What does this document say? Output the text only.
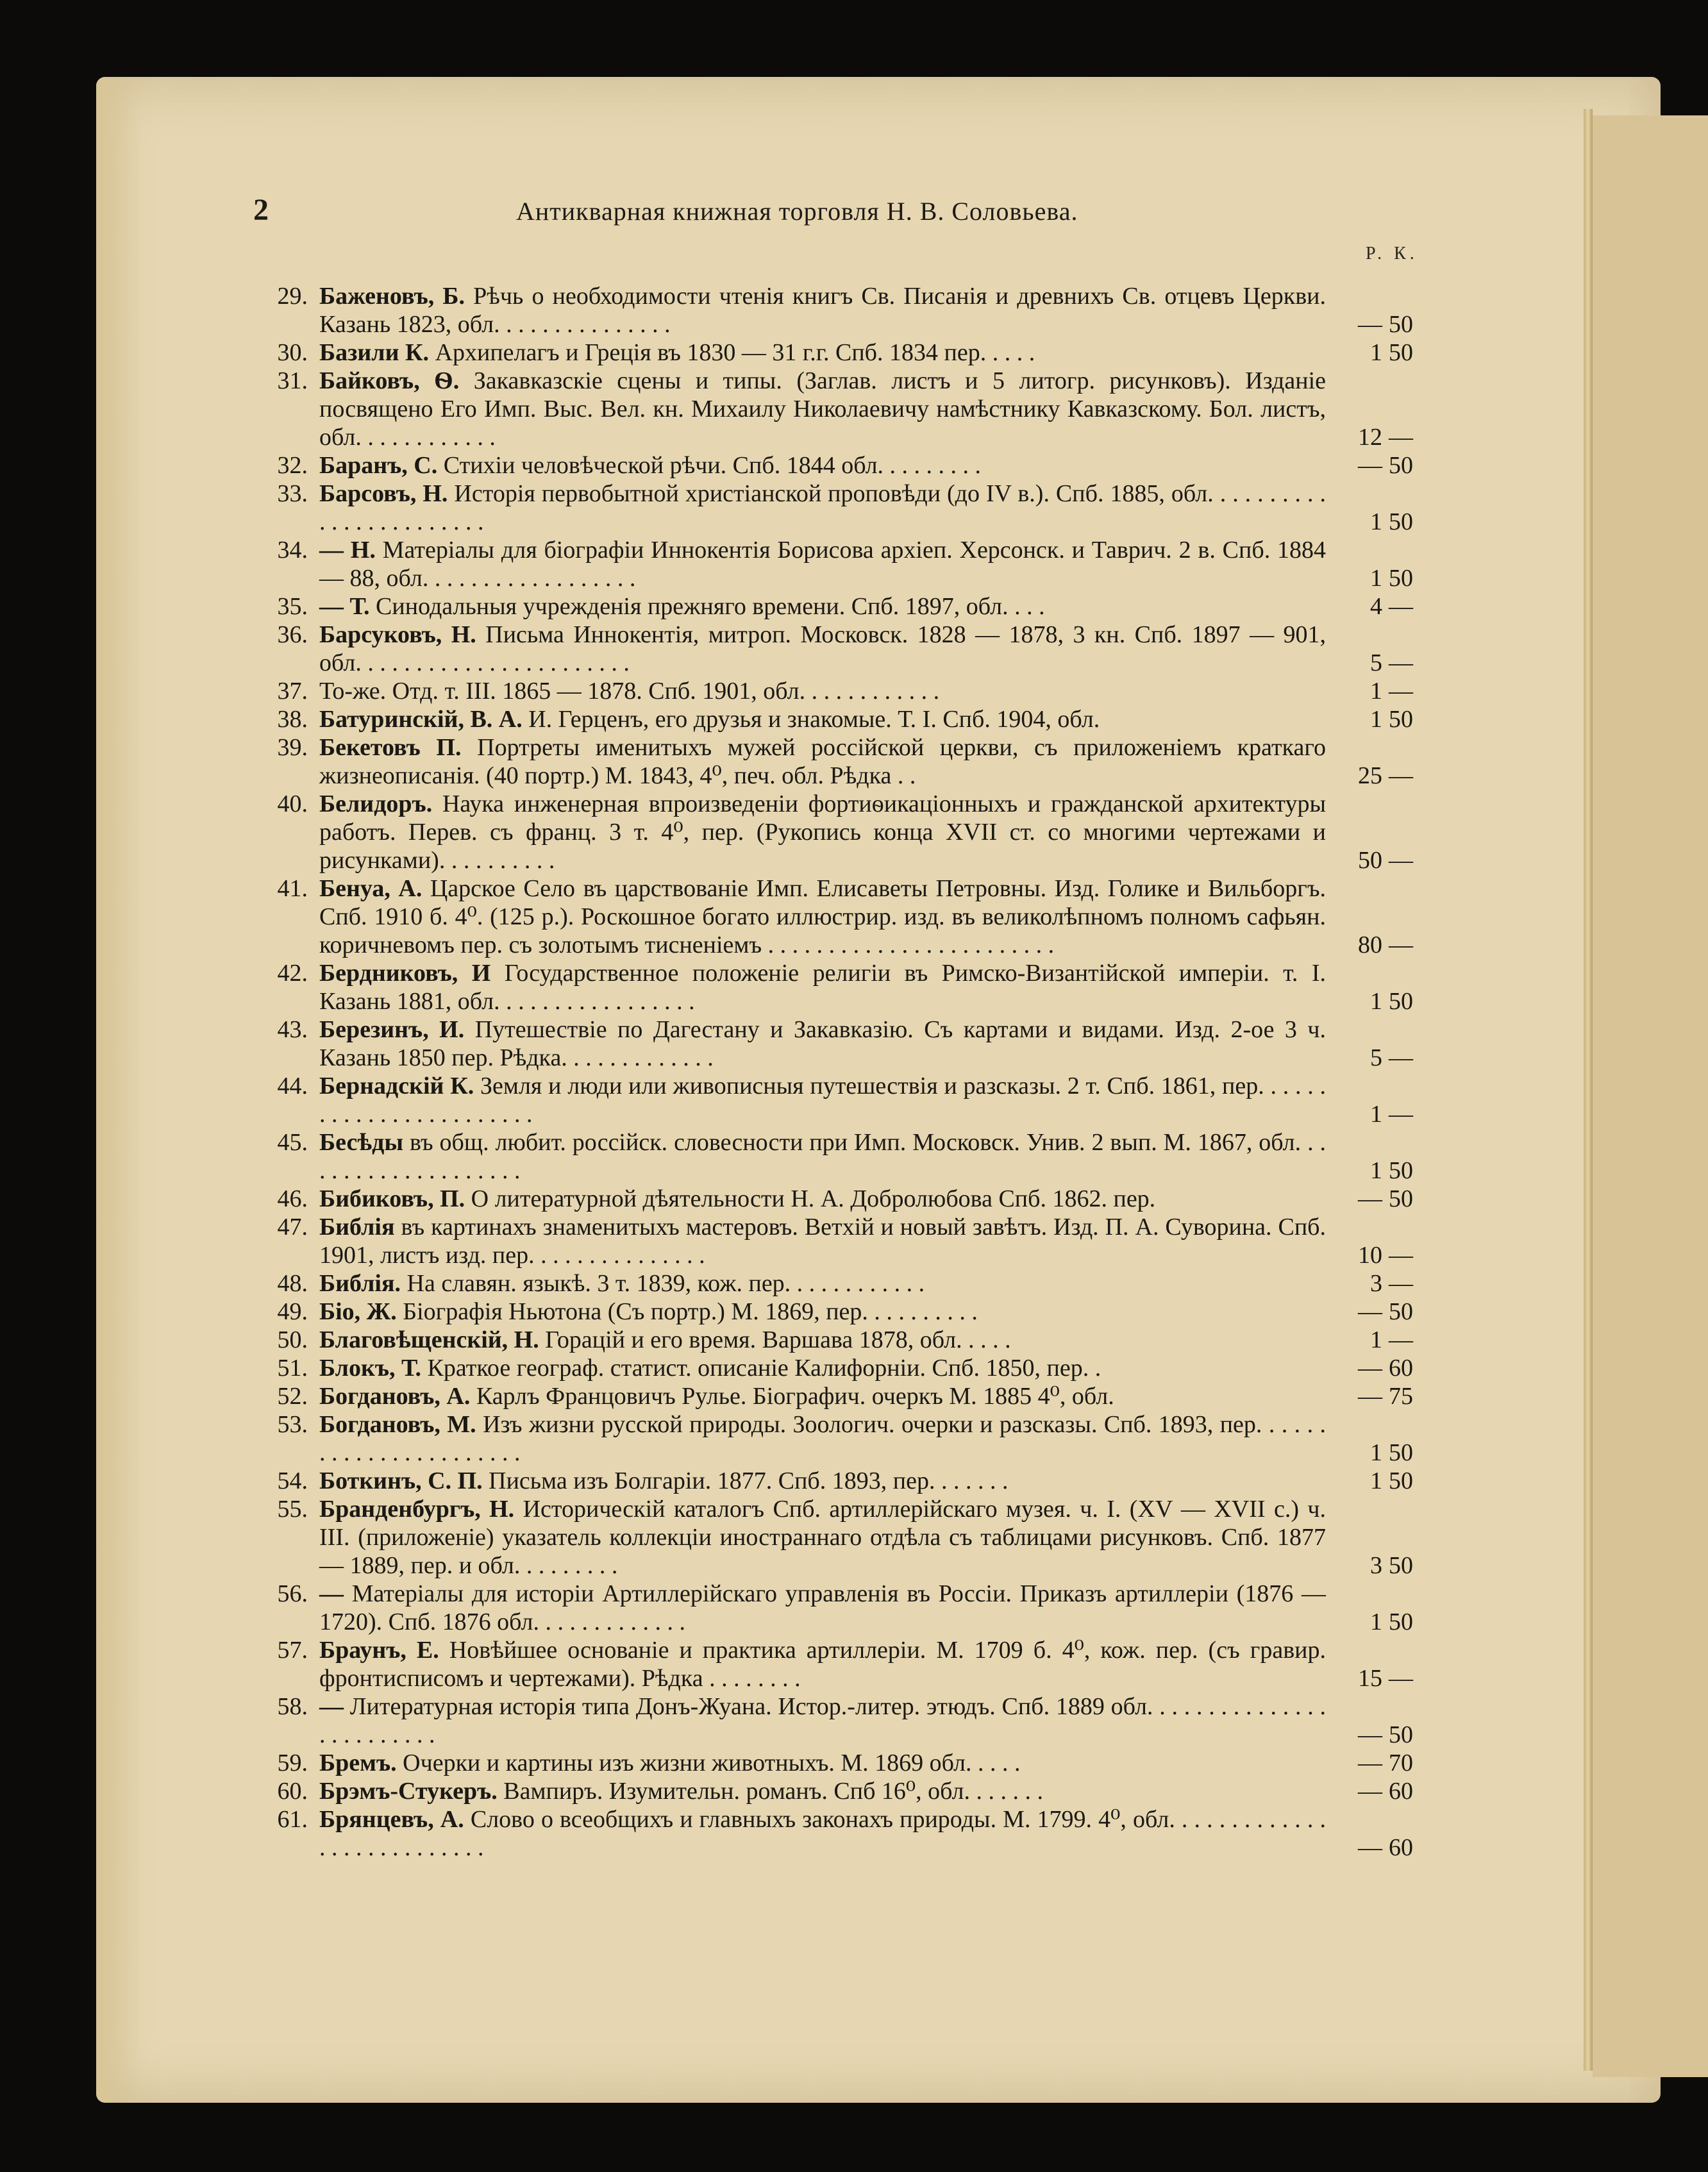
2	Антикварная книжная торговля Н. В. Соловьева.
Р. К.
29. Баженовъ, Б. Рѣчь о необходимости чтенія книгъ Св. Писанія и древнихъ Св. отцевъ Церкви. Казань 1823, обл. . . . . . . . . . . . . . .	— 50
30. Базили К. Архипелагъ и Греція въ 1830 — 31 г.г. Спб. 1834 пер. . . . .	1 50
31. Байковъ, Ѳ. Закавказскіе сцены и типы. (Заглав. листъ и 5 литогр. рисунковъ). Изданіе посвящено Его Имп. Выс. Вел. кн. Михаилу Николаевичу намѣстнику Кавказскому. Бол. листъ, обл. . . . . . . . . . . .	12 —
32. Баранъ, С. Стихіи человѣческой рѣчи. Спб. 1844 обл. . . . . . . . .	— 50
33. Барсовъ, Н. Исторія первобытной христіанской проповѣди (до IV в.). Спб. 1885, обл. . . . . . . . . . . . . . . . . . . . . . . .	1 50
34. — Н. Матеріалы для біографіи Иннокентія Борисова архіеп. Херсонск. и Таврич. 2 в. Спб. 1884 — 88, обл. . . . . . . . . . . . . . . . . .	1 50
35. — Т. Синодальныя учрежденія прежняго времени. Спб. 1897, обл. . . .	4 —
36. Барсуковъ, Н. Письма Иннокентія, митроп. Московск. 1828 — 1878, 3 кн. Спб. 1897 — 901, обл. . . . . . . . . . . . . . . . . . . . . . .	5 —
37. То-же. Отд. т. III. 1865 — 1878. Спб. 1901, обл. . . . . . . . . . . .	1 —
38. Батуринскій, В. А. И. Герценъ, его друзья и знакомые. Т. I. Спб. 1904, обл.	1 50
39. Бекетовъ П. Портреты именитыхъ мужей россійской церкви, съ приложеніемъ краткаго жизнеописанія. (40 портр.) М. 1843, 4⁰, печ. обл. Рѣдка . .	25 —
40. Белидоръ. Наука инженерная впроизведеніи фортиѳикаціонныхъ и гражданской архитектуры работъ. Перев. съ франц. 3 т. 4⁰, пер. (Рукопись конца XVII ст. со многими чертежами и рисунками). . . . . . . . . .	50 —
41. Бенуа, А. Царское Село въ царствованіе Имп. Елисаветы Петровны. Изд. Голике и Вильборгъ. Спб. 1910 б. 4⁰. (125 р.). Роскошное богато иллюстрир. изд. въ великолѣпномъ полномъ сафьян. коричневомъ пер. съ золотымъ тисненіемъ . . . . . . . . . . . . . . . . . . . . . . . .	80 —
42. Бердниковъ, И Государственное положеніе религіи въ Римско-Византійской имперіи. т. I. Казань 1881, обл. . . . . . . . . . . . . . . . .	1 50
43. Березинъ, И. Путешествіе по Дагестану и Закавказію. Съ картами и видами. Изд. 2-ое 3 ч. Казань 1850 пер. Рѣдка. . . . . . . . . . . . .	5 —
44. Бернадскій К. Земля и люди или живописныя путешествія и разсказы. 2 т. Спб. 1861, пер. . . . . . . . . . . . . . . . . . . . . . . .	1 —
45. Бесѣды въ общ. любит. россійск. словесности при Имп. Московск. Унив. 2 вып. М. 1867, обл. . . . . . . . . . . . . . . . . . . .	1 50
46. Бибиковъ, П. О литературной дѣятельности Н. А. Добролюбова Спб. 1862. пер.	— 50
47. Библія въ картинахъ знаменитыхъ мастеровъ. Ветхій и новый завѣтъ. Изд. П. А. Суворина. Спб. 1901, листъ изд. пер. . . . . . . . . . . . . . .	10 —
48. Библія. На славян. языкѣ. 3 т. 1839, кож. пер. . . . . . . . . . . .	3 —
49. Біо, Ж. Біографія Ньютона (Съ портр.) М. 1869, пер. . . . . . . . . .	— 50
50. Благовѣщенскій, Н. Горацій и его время. Варшава 1878, обл. . . . .	1 —
51. Блокъ, Т. Краткое географ. статист. описаніе Калифорніи. Спб. 1850, пер. .	— 60
52. Богдановъ, А. Карлъ Францовичъ Рулье. Біографич. очеркъ М. 1885 4⁰, обл.	— 75
53. Богдановъ, М. Изъ жизни русской природы. Зоологич. очерки и разсказы. Спб. 1893, пер. . . . . . . . . . . . . . . . . . . . . . .	1 50
54. Боткинъ, С. П. Письма изъ Болгаріи. 1877. Спб. 1893, пер. . . . . . .	1 50
55. Бранденбургъ, Н. Историческій каталогъ Спб. артиллерійскаго музея. ч. I. (XV — XVII с.) ч. III. (приложеніе) указатель коллекціи иностраннаго отдѣла съ таблицами рисунковъ. Спб. 1877 — 1889, пер. и обл. . . . . . . . .	3 50
56. — Матеріалы для исторіи Артиллерійскаго управленія въ Россіи. Приказъ артиллеріи (1876 — 1720). Спб. 1876 обл. . . . . . . . . . . . .	1 50
57. Браунъ, Е. Новѣйшее основаніе и практика артиллеріи. М. 1709 б. 4⁰, кож. пер. (съ гравир. фронтисписомъ и чертежами). Рѣдка . . . . . . . .	15 —
58. — Литературная исторія типа Донъ-Жуана. Истор.-литер. этюдъ. Спб. 1889 обл. . . . . . . . . . . . . . . . . . . . . . . . .	— 50
59. Бремъ. Очерки и картины изъ жизни животныхъ. М. 1869 обл. . . . .	— 70
60. Брэмъ-Стукеръ. Вампиръ. Изумительн. романъ. Спб 16⁰, обл. . . . . . .	— 60
61. Брянцевъ, А. Слово о всеобщихъ и главныхъ законахъ природы. М. 1799. 4⁰, обл. . . . . . . . . . . . . . . . . . . . . . . . . . .	— 60
